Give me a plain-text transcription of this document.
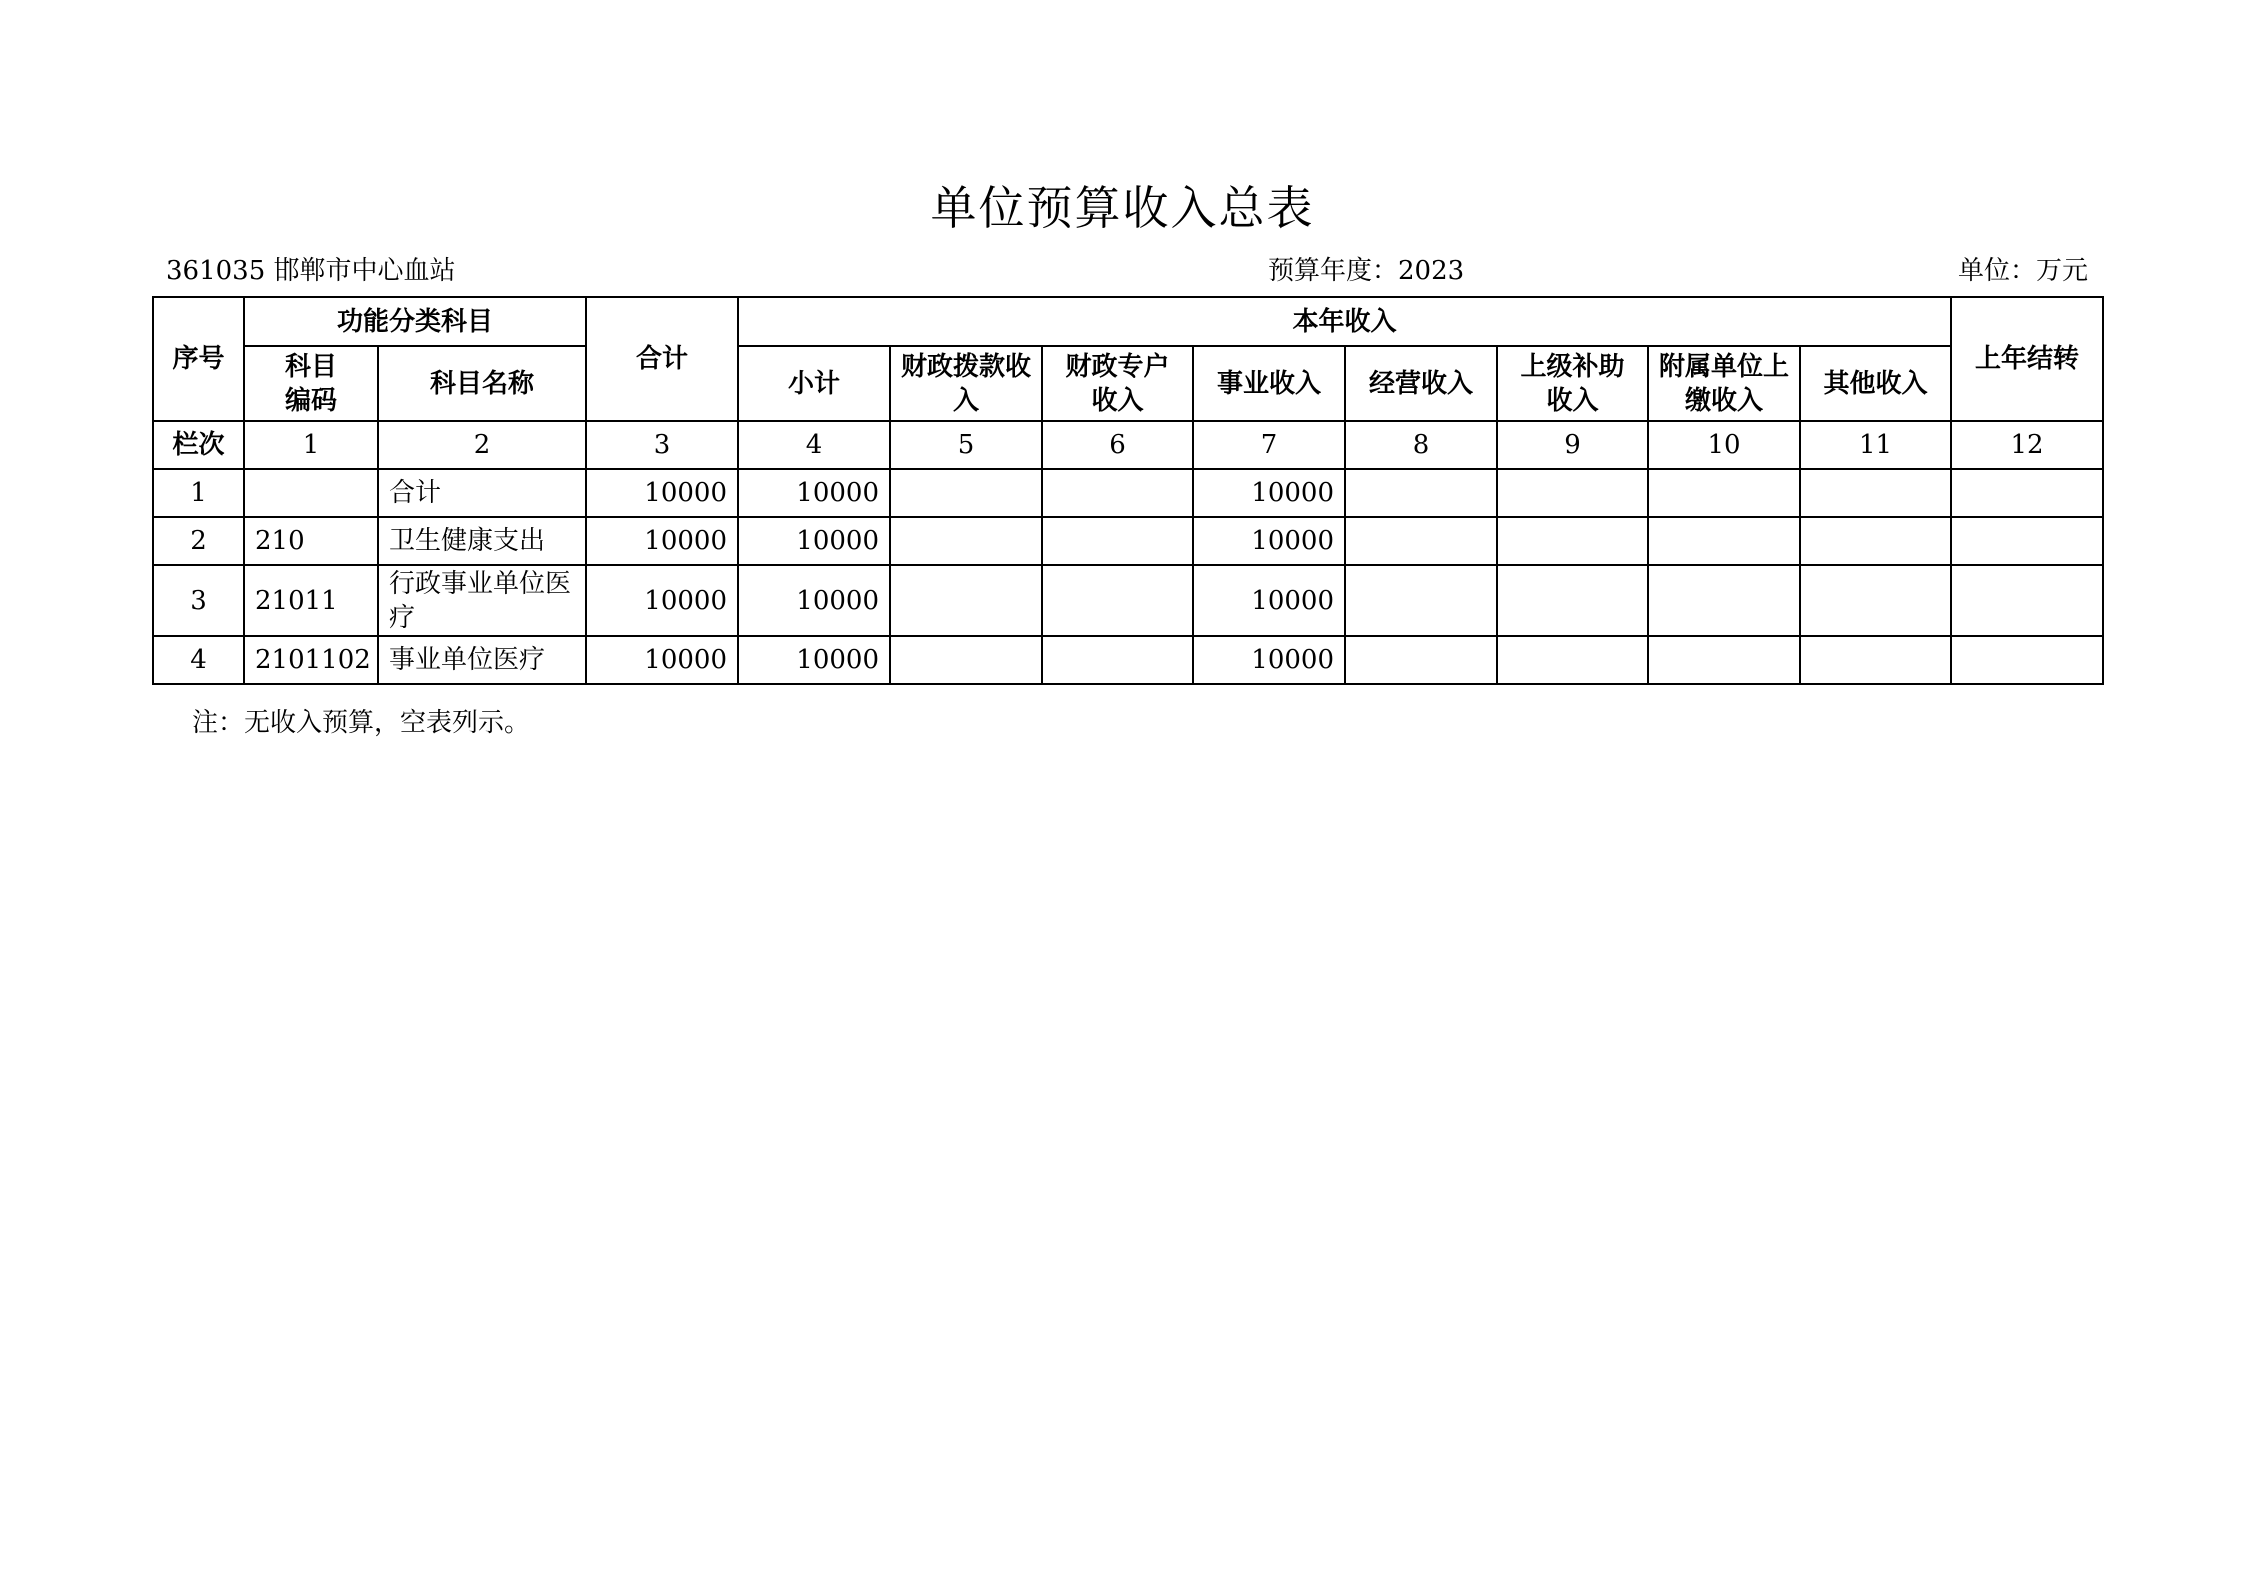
单位预算收入总表
361035 邯郸市中心血站	预算年度：2023	单位：万元
序号	功能分类科目		合计	本年收入								上年结转
	科目编码	科目名称		小计	财政拨款收入	财政专户收入	事业收入	经营收入	上级补助收入	附属单位上缴收入	其他收入	
栏次	1	2	3	4	5	6	7	8	9	10	11	12
1		合计	10000	10000			10000					
2	210	卫生健康支出	10000	10000			10000					
3	21011	行政事业单位医疗	10000	10000			10000					
4	2101102	事业单位医疗	10000	10000			10000					
注：无收入预算，空表列示。
